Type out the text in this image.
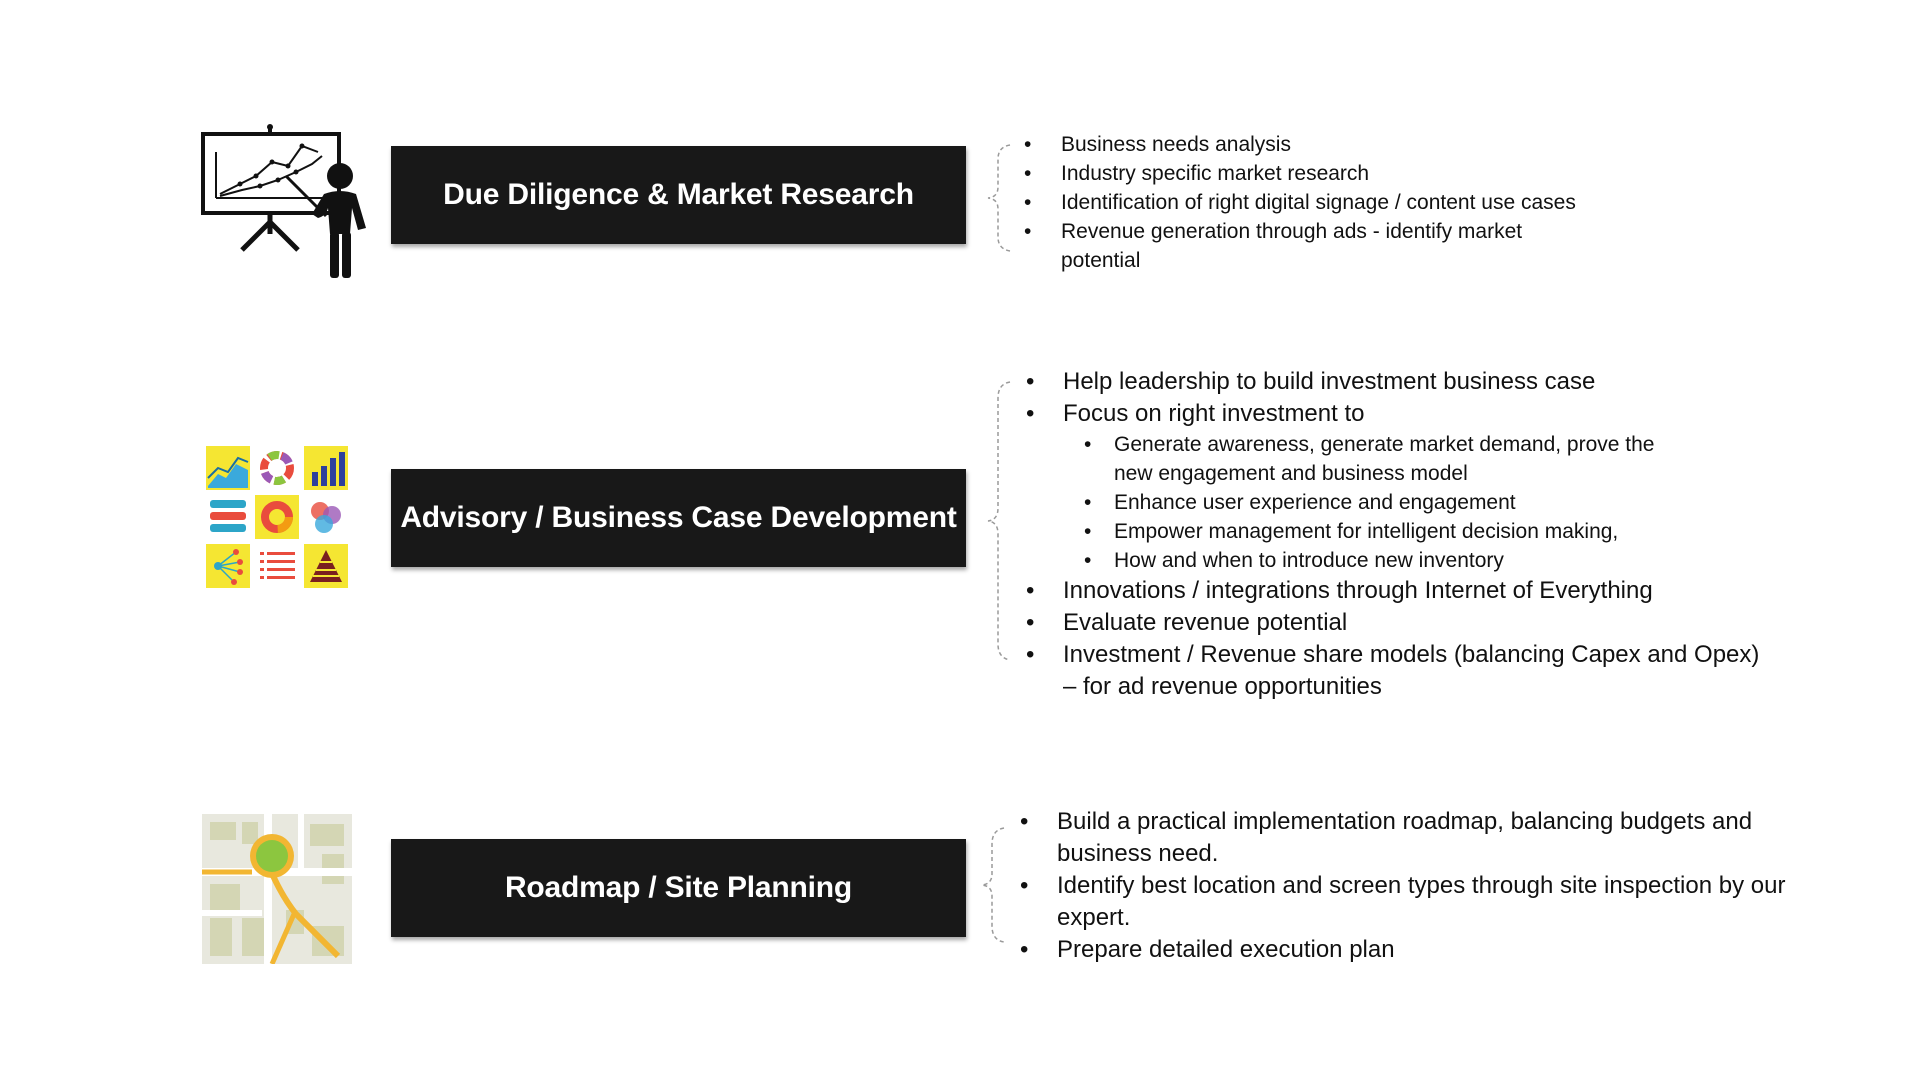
Due Diligence & Market Research
• Business needs analysis
• Industry specific market research
• Identification of right digital signage / content use cases
• Revenue generation through ads - identify market potential
Advisory / Business Case Development
• Help leadership to build investment business case
• Focus on right investment to
• Generate awareness, generate market demand, prove the new engagement and business model
• Enhance user experience and engagement
• Empower management for intelligent decision making,
• How and when to introduce new inventory
• Innovations / integrations through Internet of Everything
• Evaluate revenue potential
• Investment / Revenue share models (balancing Capex and Opex) – for ad revenue opportunities
Roadmap / Site Planning
• Build a practical implementation roadmap, balancing budgets and business need.
• Identify best location and screen types through site inspection by our expert.
• Prepare detailed execution plan
